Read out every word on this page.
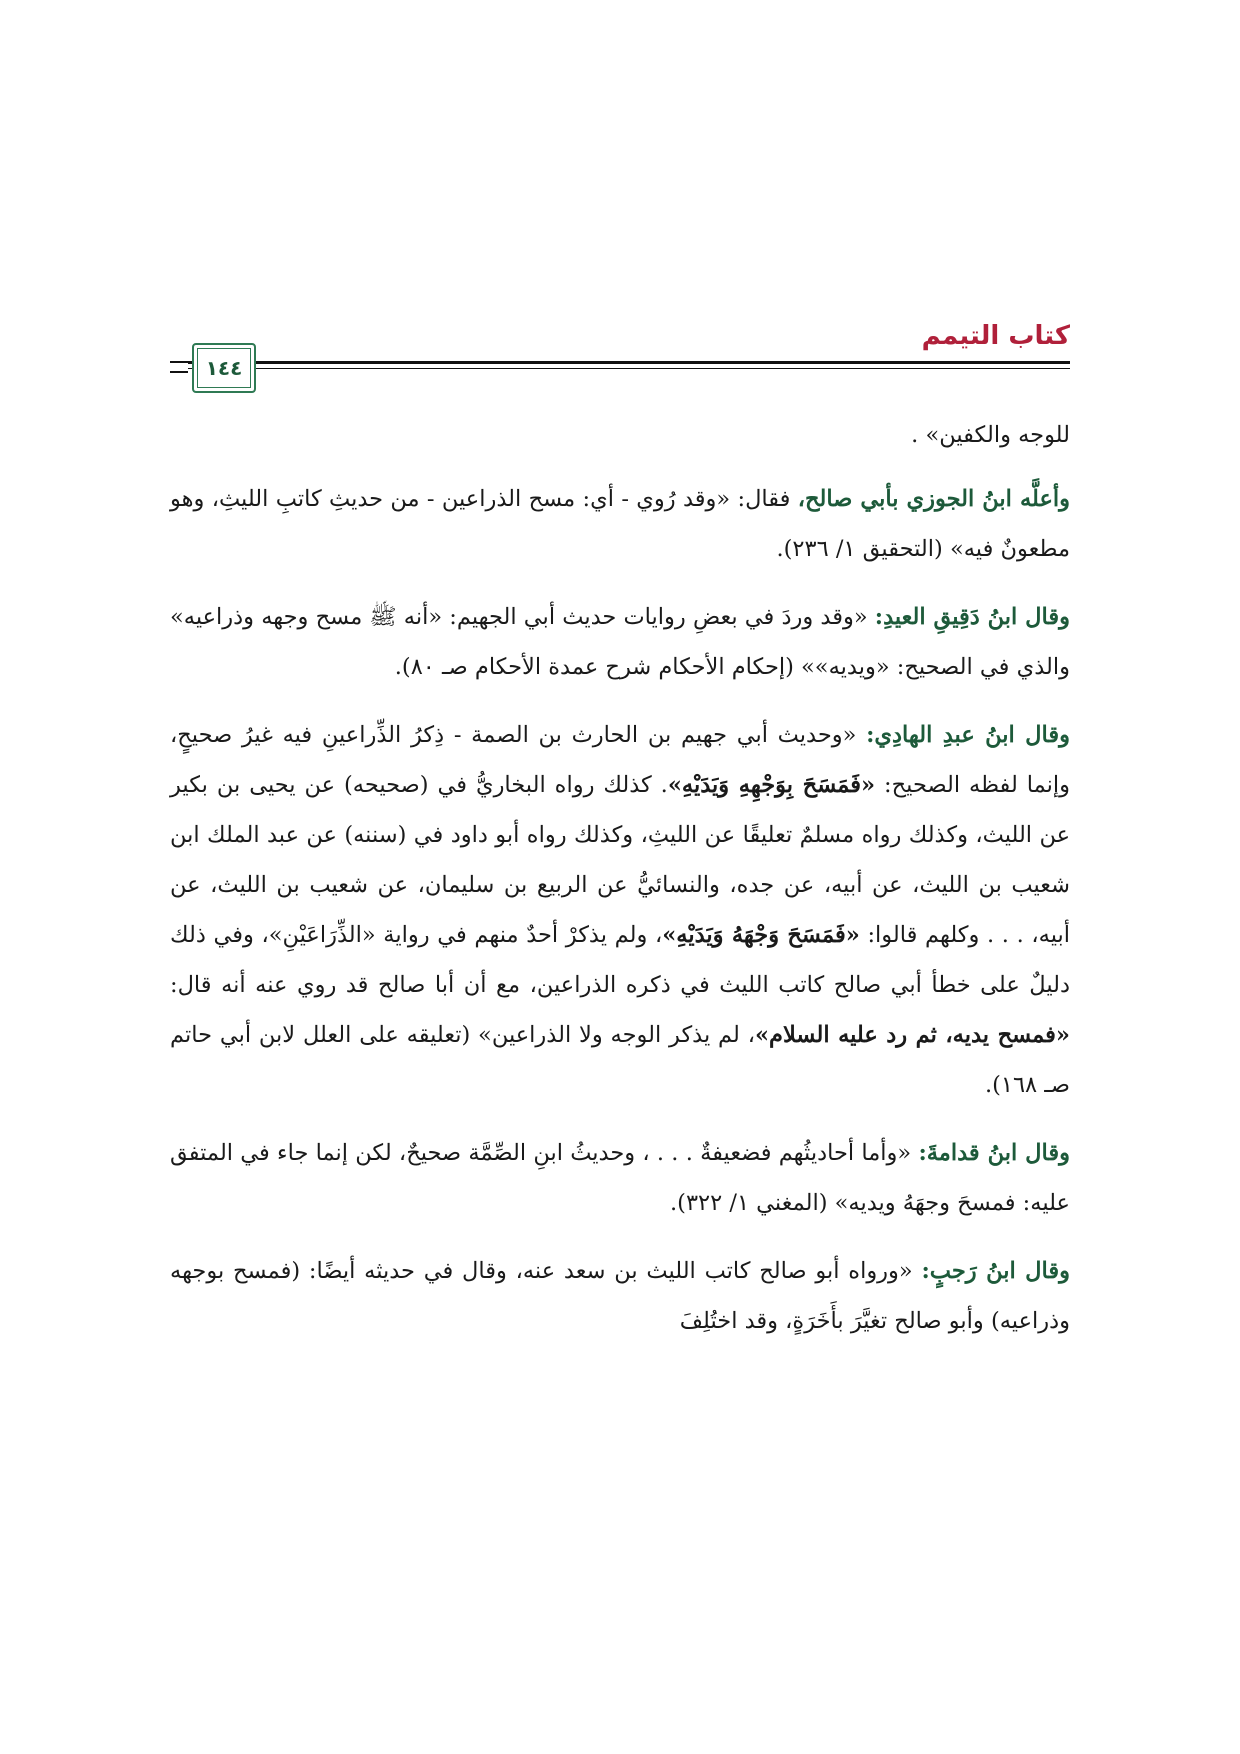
كتاب التيمم
١٤٤

للوجه والكفين» .

وأعلَّه ابنُ الجوزي بأبي صالح، فقال: «وقد رُوي - أي: مسح الذراعين - من حديثِ كاتبِ الليثِ، وهو مطعونٌ فيه» (التحقيق ١/ ٢٣٦).

وقال ابنُ دَقِيقِ العيدِ: «وقد وردَ في بعضِ روايات حديث أبي الجهيم: «أنه ﷺ مسح وجهه وذراعيه» والذي في الصحيح: «ويديه»» (إحكام الأحكام شرح عمدة الأحكام صـ ٨٠).

وقال ابنُ عبدِ الهادِي: «وحديث أبي جهيم بن الحارث بن الصمة - ذِكرُ الذِّراعينِ فيه غيرُ صحيحٍ، وإنما لفظه الصحيح: «فَمَسَحَ بِوَجْهِهِ وَيَدَيْهِ». كذلك رواه البخاريُّ في (صحيحه) عن يحيى بن بكير عن الليث، وكذلك رواه مسلمٌ تعليقًا عن الليثِ، وكذلك رواه أبو داود في (سننه) عن عبد الملك ابن شعيب بن الليث، عن أبيه، عن جده، والنسائيُّ عن الربيع بن سليمان، عن شعيب بن الليث، عن أبيه، . . . وكلهم قالوا: «فَمَسَحَ وَجْهَهُ وَيَدَيْهِ»، ولم يذكرْ أحدٌ منهم في رواية «الذِّرَاعَيْنِ»، وفي ذلك دليلٌ على خطأ أبي صالح كاتب الليث في ذكره الذراعين، مع أن أبا صالح قد روي عنه أنه قال: «فمسح يديه، ثم رد عليه السلام»، لم يذكر الوجه ولا الذراعين» (تعليقه على العلل لابن أبي حاتم صـ ١٦٨).

وقال ابنُ قدامةَ: «وأما أحاديثُهم فضعيفةٌ . . . ، وحديثُ ابنِ الصِّمَّة صحيحٌ، لكن إنما جاء في المتفق عليه: فمسحَ وجهَهُ ويديه» (المغني ١/ ٣٢٢).

وقال ابنُ رَجبٍ: «ورواه أبو صالح كاتب الليث بن سعد عنه، وقال في حديثه أيضًا: (فمسح بوجهه وذراعيه) وأبو صالح تغيَّرَ بأَخَرَةٍ، وقد اختُلِفَ
